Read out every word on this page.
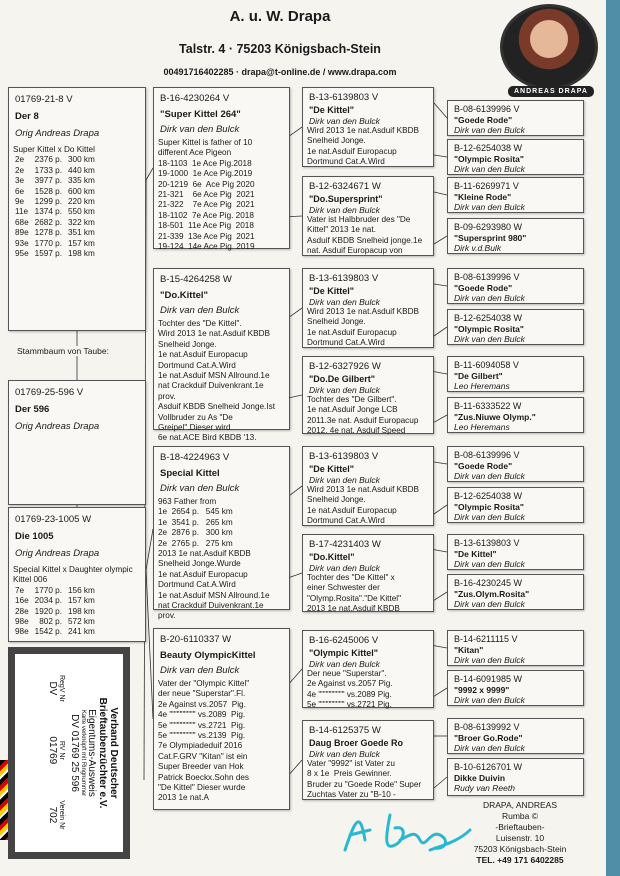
A. u. W. Drapa
Talstr. 4 · 75203 Königsbach-Stein
00491716402285 · drapa@t-online.de / www.drapa.com
01769-21-8 V
Der 8
Orig Andreas Drapa
Super Kittel x Do Kittel
2e	2376 p.	300 km
2e	1733 p.	440 km
3e	3977 p.	335 km
6e	1528 p.	600 km
9e	1299 p.	220 km
11e	1374 p.	550 km
68e	2682 p.	322 km
89e	1278 p.	351 km
93e	1770 p.	157 km
95e	1597 p.	198 km
01769-25-596 V
Der 596
Orig Andreas Drapa
01769-23-1005 W
Die 1005
Orig Andreas Drapa
Special Kittel x Daughter olympic Kittel 006
7e	1770 p.	156 km
16e	2034 p.	157 km
28e	1920 p.	198 km
98e	802 p.	572 km
98e	1542 p.	241 km
B-16-4230264 V
"Super Kittel 264"
Dirk van den Bulck
Super Kittel is father of 10
different Ace Pigeon
18-1103  1e Ace Pig.2018
19-1000  1e Ace Pig.2019
20-1219  6e  Ace Pig 2020
21-321    6e Ace Pig  2021
21-322    7e Ace Pig  2021
18-1102  7e Ace Pig. 2018
18-501  11e Ace Pig  2018
21-339  13e Ace Pig  2021
19-124  14e Ace Pig  2019
B-15-4264258 W
"Do.Kittel"
Dirk van den Bulck
Tochter des "De Kittel".
Wird 2013 1e nat.Asduif KBDB
Snelheid Jonge.
1e nat.Asduif Europacup
Dortmund Cat.A.Wird
1e nat.Asduif MSN Allround.1e
nat Crackduif Duivenkrant.1e
prov.
Asduif KBDB Snelheid Jonge.Ist
Vollbruder zu As "De
Greipel".Dieser wird
6e nat.ACE Bird KBDB '13.
B-18-4224963 V
Special Kittel
Dirk van den Bulck
963 Father from
1e  2654 p.   545 km
1e  3541 p.   265 km
2e  2876 p.   300 km
2e  2765 p.   275 km
2013 1e nat.Asduif KBDB
Snelheid Jonge.Wurde
1e nat.Asduif Europacup
Dortmund Cat.A.Wird
1e nat.Asduif MSN Allround.1e
nat Crackduif Duivenkrant.1e
prov.
B-20-6110337 W
Beauty OlympicKittel
Dirk van den Bulck
Vater der "Olympic Kittel"
der neue "Superstar".Fl.
2e Against vs.2057  Pig.
4e """"""""" vs.2089  Pig.
5e """"""""" vs.2721  Pig.
5e """"""""" vs.2139  Pig.
7e Olympiadeduif 2016
Cat.F.GRV "Kitan" ist ein
Super Breeder van Hok
Patrick Boeckx.Sohn des
"De Kittel" Dieser wurde
2013 1e nat.A
B-13-6139803 V
"De Kittel"
Dirk van den Bulck
Wird 2013 1e nat.Asduif KBDB
Snelheid Jonge.
1e nat.Asduif Europacup
Dortmund Cat.A.Wird
B-12-6324671 W
"Do.Supersprint"
Dirk van den Bulck
Vater ist Halbbruder des "De
Kittel" 2013 1e nat.
Asduif KBDB Snelheid jonge.1e
nat. Asduif Europacup von
B-13-6139803 V
"De Kittel"
Dirk van den Bulck
Wird 2013 1e nat.Asduif KBDB
Snelheid Jonge.
1e nat.Asduif Europacup
Dortmund Cat.A.Wird
B-12-6327926 W
"Do.De Gilbert"
Dirk van den Bulck
Tochter des "De Gilbert".
1e nat.Asduif Jonge LCB
2011.3e nat. Asduif Europacup
2012. 4e nat. Asduif Speed
B-13-6139803 V
"De Kittel"
Dirk van den Bulck
Wird 2013 1e nat.Asduif KBDB
Snelheid Jonge.
1e nat.Asduif Europacup
Dortmund Cat.A.Wird
B-17-4231403 W
"Do.Kittel"
Dirk van den Bulck
Tochter des "De Kittel" x
einer Schwester der
"Olymp.Rosita"."De Kittel"
2013 1e nat.Asduif KBDB
B-16-6245006 V
"Olympic Kittel"
Dirk van den Bulck
Der neue "Superstar".
2e Against vs.2057 Pig.
4e """"""""" vs.2089 Pig.
5e """"""""" vs.2721 Pig.
B-14-6125375 W
Daug Broer Goede Ro
Dirk van den Bulck
Vater "9992" ist Vater zu
8 x 1e  Preis Gewinner.
Bruder zu "Goede Rode" Super
Zuchtas Vater zu "B-10 -
B-08-6139996 V
"Goede Rode"
Dirk van den Bulck
B-12-6254038 W
"Olympic Rosita"
Dirk van den Bulck
B-11-6269971 V
"Kleine Rode"
Dirk van den Bulck
B-09-6293980 W
"Supersprint 980"
Dirk v.d.Bulk
B-08-6139996 V
"Goede Rode"
Dirk van den Bulck
B-12-6254038 W
"Olympic Rosita"
Dirk van den Bulck
B-11-6094058 V
"De Gilbert"
Leo Heremans
B-11-6333522 W
"Zus.Niuwe Olymp."
Leo Heremans
B-08-6139996 V
"Goede Rode"
Dirk van den Bulck
B-12-6254038 W
"Olympic Rosita"
Dirk van den Bulck
B-13-6139803 V
"De Kittel"
Dirk van den Bulck
B-16-4230245 W
"Zus.Olym.Rosita"
Dirk van den Bulck
B-14-6211115 V
"Kitan"
Dirk van den Bulck
B-14-6091985 W
"9992 x 9999"
Dirk van den Bulck
B-08-6139992 V
"Broer Go.Rode"
Dirk van den Bulck
B-10-6126701 W
Dikke Duivin
Rudy van Reeth
Stammbaum von Taube:
ANDREAS DRAPA
Verband Deutscher
Brieftaubenzüchter e.V.
Eigentums-Ausweis
Karte verknüpft mit Ringnummer
DV 01769 25 596
RegV Nr	RV Nr	Verein Nr
DV	01769	702
DRAPA, ANDREAS Rumba ©
-Brieftauben-
Luisenstr. 10
75203 Königsbach-Stein
TEL. +49 171 6402285
